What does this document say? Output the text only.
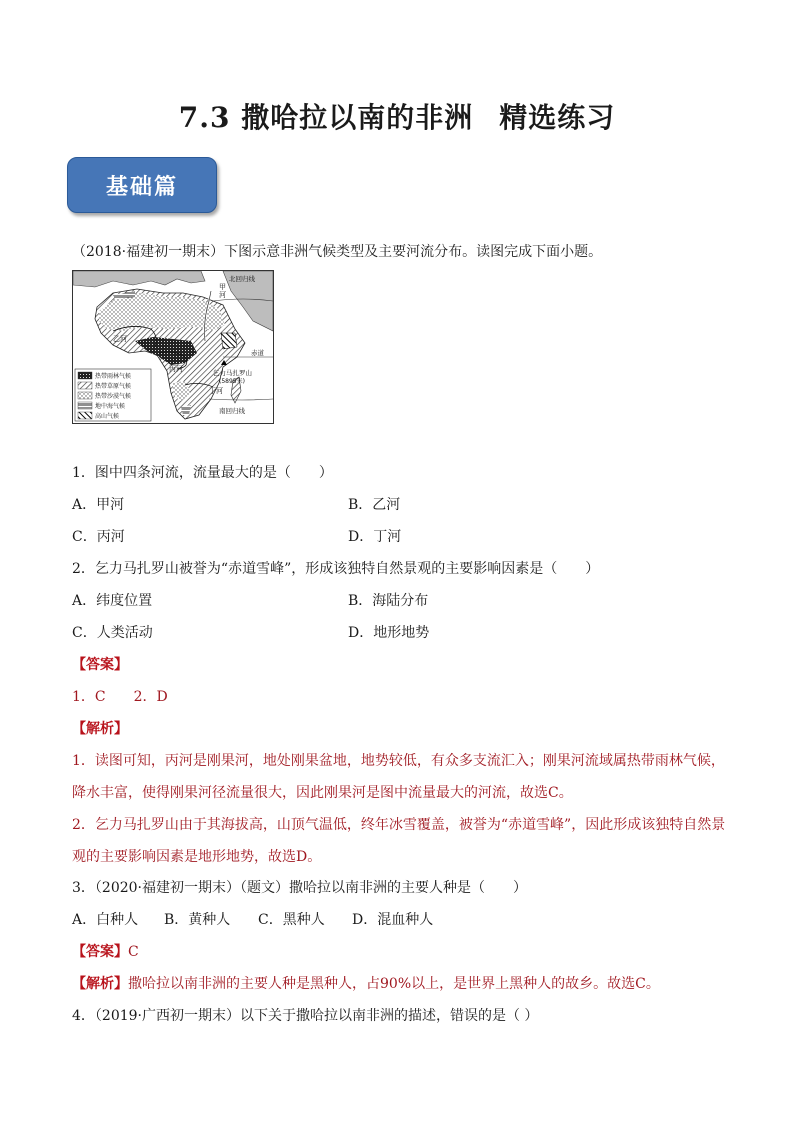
7.3 撒哈拉以南的非洲 精选练习
基础篇
（2018·福建初一期末）下图示意非洲气候类型及主要河流分布。读图完成下面小题。
甲
河
北回归线
乙河
丙河
丁河
赤道
南回归线
乞力马扎罗山
(5895米)
热带雨林气候
热带草原气候
热带沙漠气候
地中海气候
高山气候
1．图中四条河流，流量最大的是（　　）
A．甲河	B．乙河
C．丙河	D．丁河
2．乞力马扎罗山被誉为“赤道雪峰”，形成该独特自然景观的主要影响因素是（　　）
A．纬度位置	B．海陆分布
C．人类活动	D．地形地势
【答案】
1．C　　2．D
【解析】
1．读图可知，丙河是刚果河，地处刚果盆地，地势较低，有众多支流汇入；刚果河流域属热带雨林气候，
降水丰富，使得刚果河径流量很大，因此刚果河是图中流量最大的河流，故选C。
2．乞力马扎罗山由于其海拔高，山顶气温低，终年冰雪覆盖，被誉为“赤道雪峰”，因此形成该独特自然景
观的主要影响因素是地形地势，故选D。
3．（2020·福建初一期末）（题文）撒哈拉以南非洲的主要人种是（　　）
A．白种人 B．黄种人 C．黑种人 D．混血种人
【答案】C
【解析】撒哈拉以南非洲的主要人种是黑种人，占90%以上，是世界上黑种人的故乡。故选C。
4．（2019·广西初一期末）以下关于撒哈拉以南非洲的描述，错误的是（ ）
